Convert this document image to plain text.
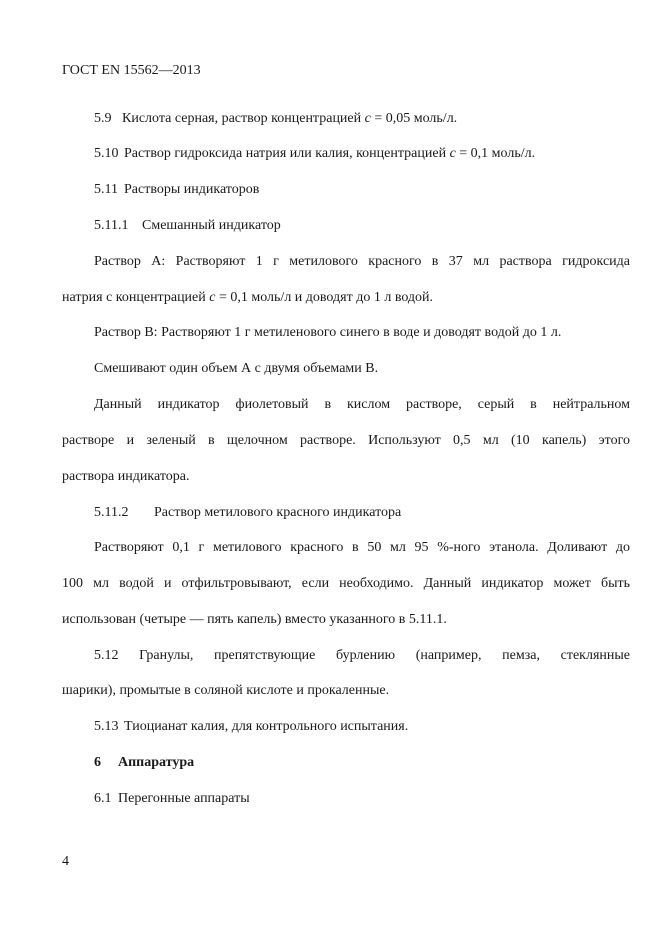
ГОСТ EN 15562—2013
5.9 Кислота серная, раствор концентрацией c = 0,05 моль/л.
5.10 Раствор гидроксида натрия или калия, концентрацией c = 0,1 моль/л.
5.11 Растворы индикаторов
5.11.1 Смешанный индикатор
Раствор А: Растворяют 1 г метилового красного в 37 мл раствора гидроксида
натрия с концентрацией c = 0,1 моль/л и доводят до 1 л водой.
Раствор В: Растворяют 1 г метиленового синего в воде и доводят водой до 1 л.
Смешивают один объем А с двумя объемами В.
Данный индикатор фиолетовый в кислом растворе, серый в нейтральном
растворе и зеленый в щелочном растворе. Используют 0,5 мл (10 капель) этого
раствора индикатора.
5.11.2 Раствор метилового красного индикатора
Растворяют 0,1 г метилового красного в 50 мл 95 %-ного этанола. Доливают до
100 мл водой и отфильтровывают, если необходимо. Данный индикатор может быть
использован (четыре — пять капель) вместо указанного в 5.11.1.
5.12 Гранулы, препятствующие бурлению (например, пемза, стеклянные
шарики), промытые в соляной кислоте и прокаленные.
5.13 Тиоцианат калия, для контрольного испытания.
6 Аппаратура
6.1 Перегонные аппараты
4
